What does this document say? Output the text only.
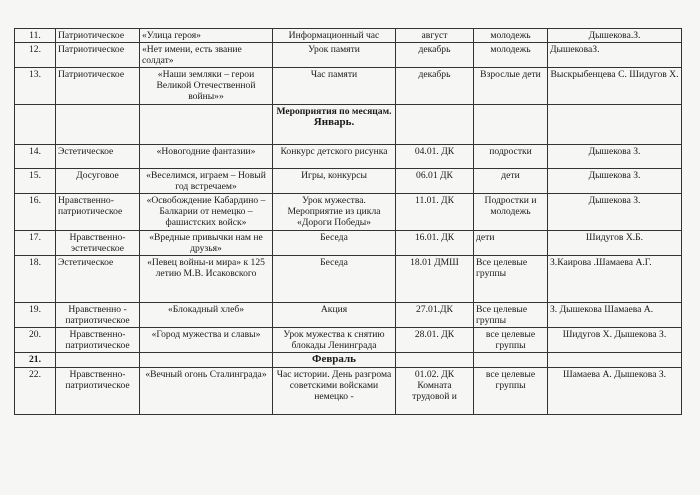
11.	Патриотическое	«Улица героя»	Информационный час	август	молодежь	Дышекова.З.
12.	Патриотическое	«Нет имени, есть звание солдат»	Урок памяти	декабрь	молодежь	ДышековаЗ.
13.	Патриотическое	«Наши земляки – герои Великой Отечественной войны»»	Час памяти	декабрь	Взрослые дети	Выскрыбенцева С. Шидугов Х.

			Мероприятия по месяцам.
Январь.			

14.	Эстетическое	«Новогодние фантазии»	Конкурс детского рисунка	04.01. ДК	подростки	Дышекова З.
15.	Досуговое	«Веселимся, играем – Новый год встречаем»	Игры, конкурсы	06.01 ДК	дети	Дышекова З.
16.	Нравственно-патриотическое	«Освобождение Кабардино – Балкарии от немецко – фашистских войск»	Урок мужества. Мероприятие из цикла «Дороги Победы»	11.01. ДК	Подростки и молодежь	Дышекова З.
17.	Нравственно-эстетическое	«Вредные привычки нам не друзья»	Беседа	16.01. ДК	дети	Шидугов Х.Б.
18.	Эстетическое	«Певец войны-и мира» к 125 летию М.В. Исаковского	Беседа	18.01 ДМШ	Все целевые группы	З.Каирова .Шамаева А.Г.
19.	Нравственно - патриотическое	«Блокадный хлеб»	Акция	27.01.ДК	Все целевые группы	З. Дышекова Шамаева А.
20.	Нравственно-патриотическое	«Город мужества и славы»	Урок мужества к снятию блокады Ленинграда	28.01. ДК	все целевые группы	Шидугов Х. Дышекова З.
21.			Февраль			
22.	Нравственно-патриотическое	«Вечный огонь Сталинграда»	Час истории. День разгрома советскими войсками немецко -	01.02. ДК Комната трудовой и	все целевые группы	Шамаева А. Дышекова З.
